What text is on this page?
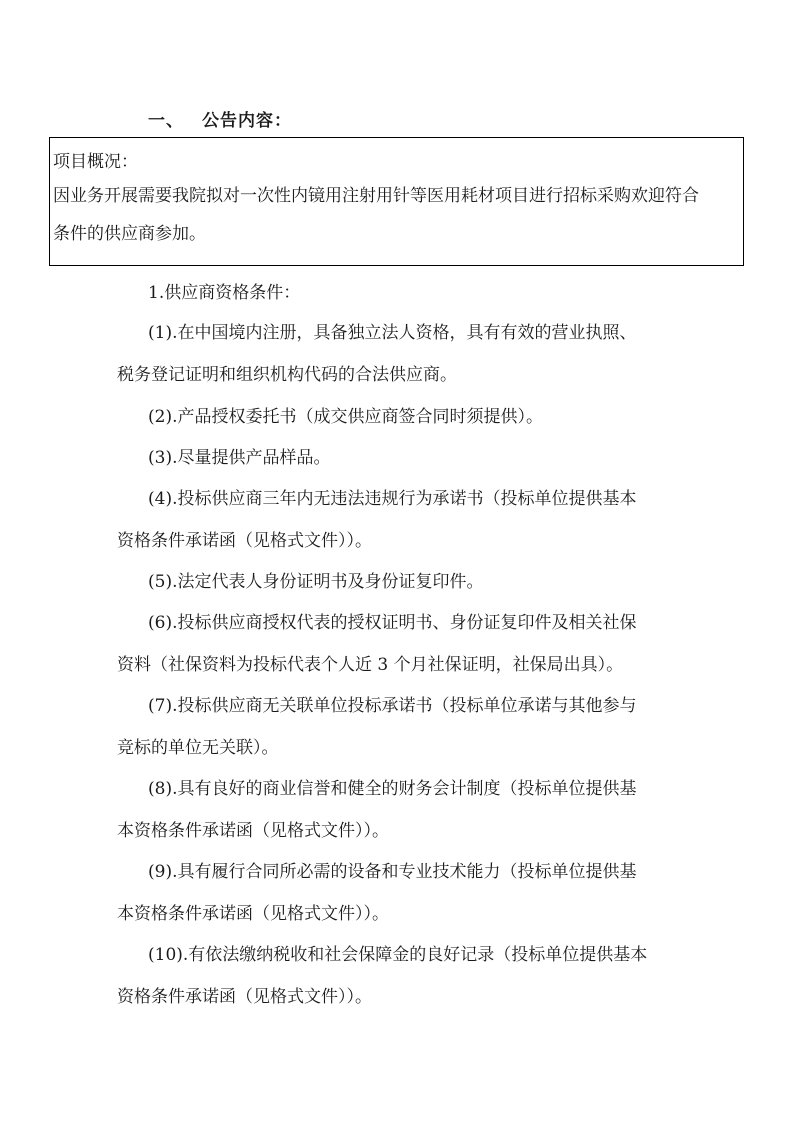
一、 公告内容：
项目概况：
因业务开展需要我院拟对一次性内镜用注射用针等医用耗材项目进行招标采购欢迎符合
条件的供应商参加。
1.供应商资格条件：
(1).在中国境内注册，具备独立法人资格，具有有效的营业执照、
税务登记证明和组织机构代码的合法供应商。
(2).产品授权委托书（成交供应商签合同时须提供）。
(3).尽量提供产品样品。
(4).投标供应商三年内无违法违规行为承诺书（投标单位提供基本
资格条件承诺函（见格式文件））。
(5).法定代表人身份证明书及身份证复印件。
(6).投标供应商授权代表的授权证明书、身份证复印件及相关社保
资料（社保资料为投标代表个人近 3 个月社保证明，社保局出具）。
(7).投标供应商无关联单位投标承诺书（投标单位承诺与其他参与
竞标的单位无关联）。
(8).具有良好的商业信誉和健全的财务会计制度（投标单位提供基
本资格条件承诺函（见格式文件））。
(9).具有履行合同所必需的设备和专业技术能力（投标单位提供基
本资格条件承诺函（见格式文件））。
(10).有依法缴纳税收和社会保障金的良好记录（投标单位提供基本
资格条件承诺函（见格式文件））。
